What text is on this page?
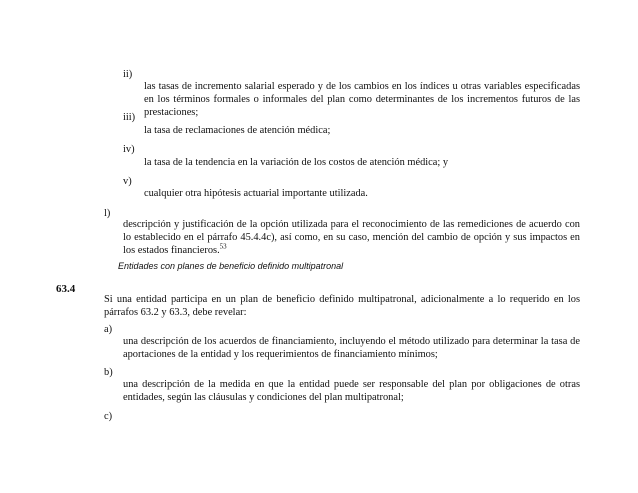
ii)
las tasas de incremento salarial esperado y de los cambios en los índices u otras variables especificadas en los términos formales o informales del plan como determinantes de los incrementos futuros de las prestaciones;
iii)
la tasa de reclamaciones de atención médica;
iv)
la tasa de la tendencia en la variación de los costos de atención médica; y
v)
cualquier otra hipótesis actuarial importante utilizada.
l)
descripción y justificación de la opción utilizada para el reconocimiento de las remediciones de acuerdo con lo establecido en el párrafo 45.4.4c), así como, en su caso, mención del cambio de opción y sus impactos en los estados financieros.$^{53}$
Entidades con planes de beneficio definido multipatronal
63.4
Si una entidad participa en un plan de beneficio definido multipatronal, adicionalmente a lo requerido en los párrafos 63.2 y 63.3, debe revelar:
a)
una descripción de los acuerdos de financiamiento, incluyendo el método utilizado para determinar la tasa de aportaciones de la entidad y los requerimientos de financiamiento mínimos;
b)
una descripción de la medida en que la entidad puede ser responsable del plan por obligaciones de otras entidades, según las cláusulas y condiciones del plan multipatronal;
c)
